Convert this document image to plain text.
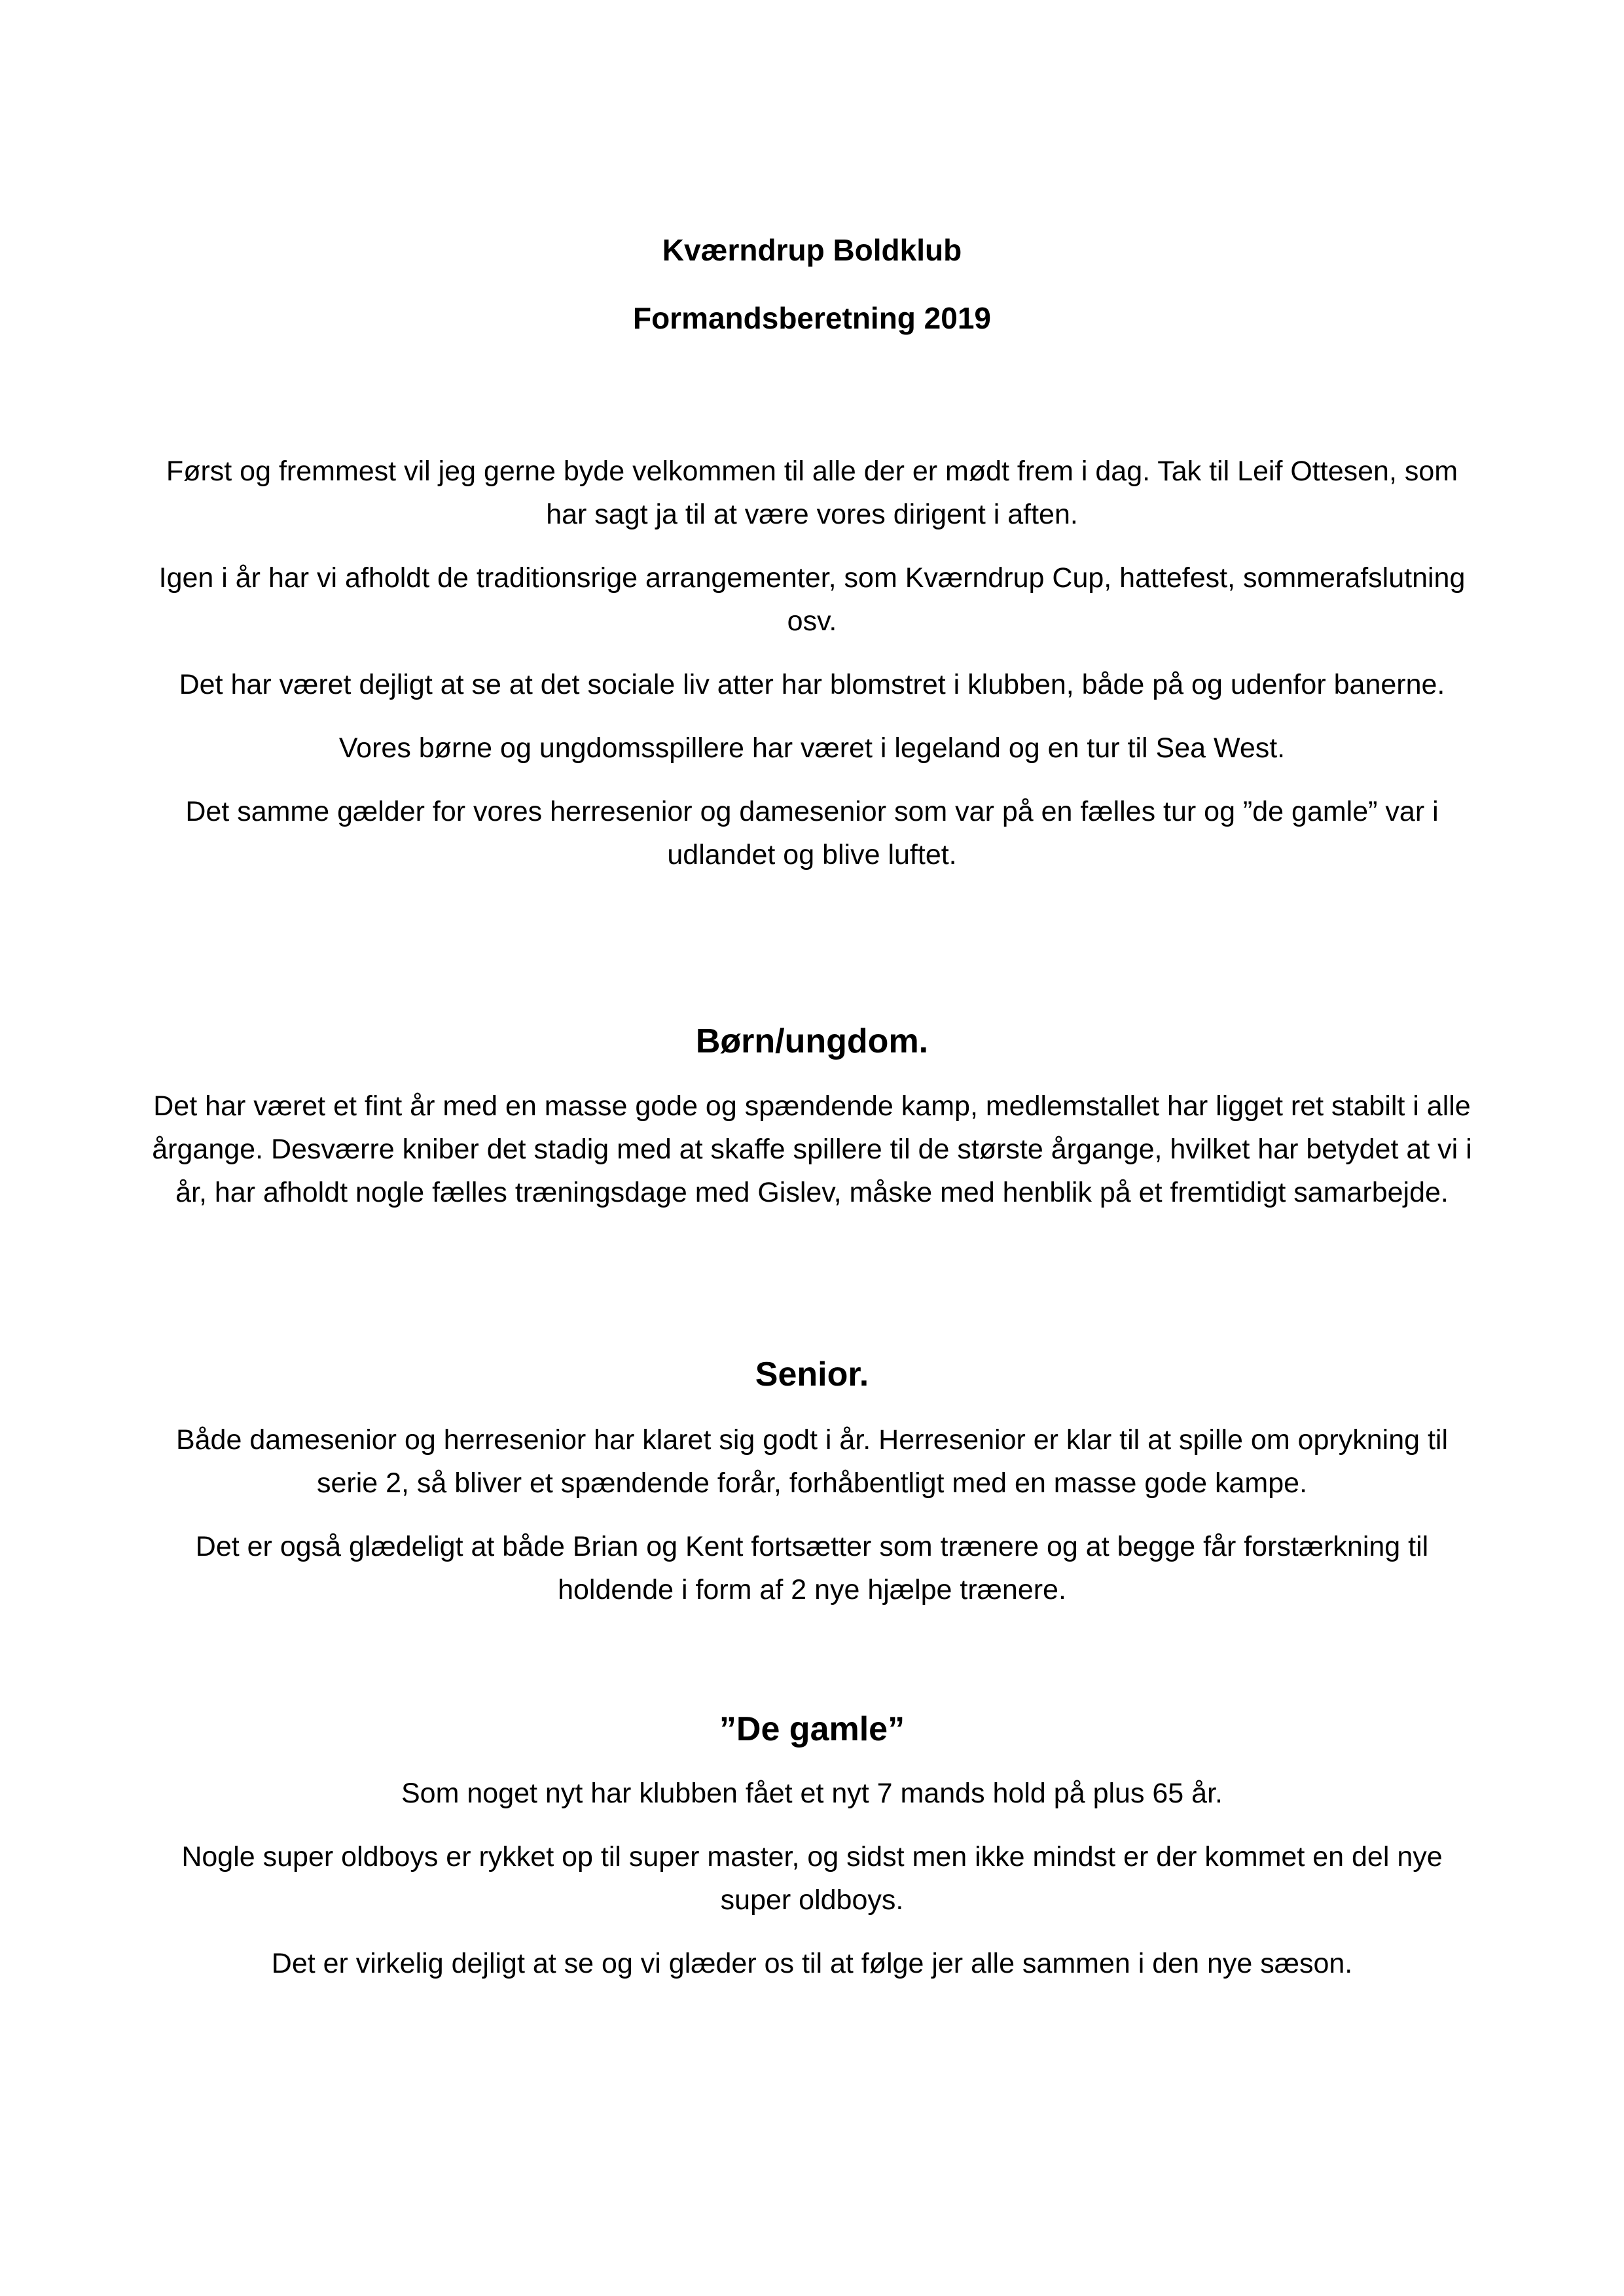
Kværndrup Boldklub

Formandsberetning 2019

Først og fremmest vil jeg gerne byde velkommen til alle der er mødt frem i dag. Tak til Leif Ottesen, som har sagt ja til at være vores dirigent i aften.

Igen i år har vi afholdt de traditionsrige arrangementer, som Kværndrup Cup, hattefest, sommerafslutning osv.

Det har været dejligt at se at det sociale liv atter har blomstret i klubben, både på og udenfor banerne.

Vores børne og ungdomsspillere har været i legeland og en tur til Sea West.

Det samme gælder for vores herresenior og damesenior som var på en fælles tur og ”de gamle” var i udlandet og blive luftet.

Børn/ungdom.

Det har været et fint år med en masse gode og spændende kamp, medlemstallet har ligget ret stabilt i alle årgange. Desværre kniber det stadig med at skaffe spillere til de største årgange, hvilket har betydet at vi i år, har afholdt nogle fælles træningsdage med Gislev, måske med henblik på et fremtidigt samarbejde.

Senior.

Både damesenior og herresenior har klaret sig godt i år. Herresenior er klar til at spille om oprykning til serie 2, så bliver et spændende forår, forhåbentligt med en masse gode kampe.

Det er også glædeligt at både Brian og Kent fortsætter som trænere og at begge får forstærkning til holdende i form af 2 nye hjælpe trænere.

”De gamle”

Som noget nyt har klubben fået et nyt 7 mands hold på plus 65 år.

Nogle super oldboys er rykket op til super master, og sidst men ikke mindst er der kommet en del nye super oldboys.

Det er virkelig dejligt at se og vi glæder os til at følge jer alle sammen i den nye sæson.
